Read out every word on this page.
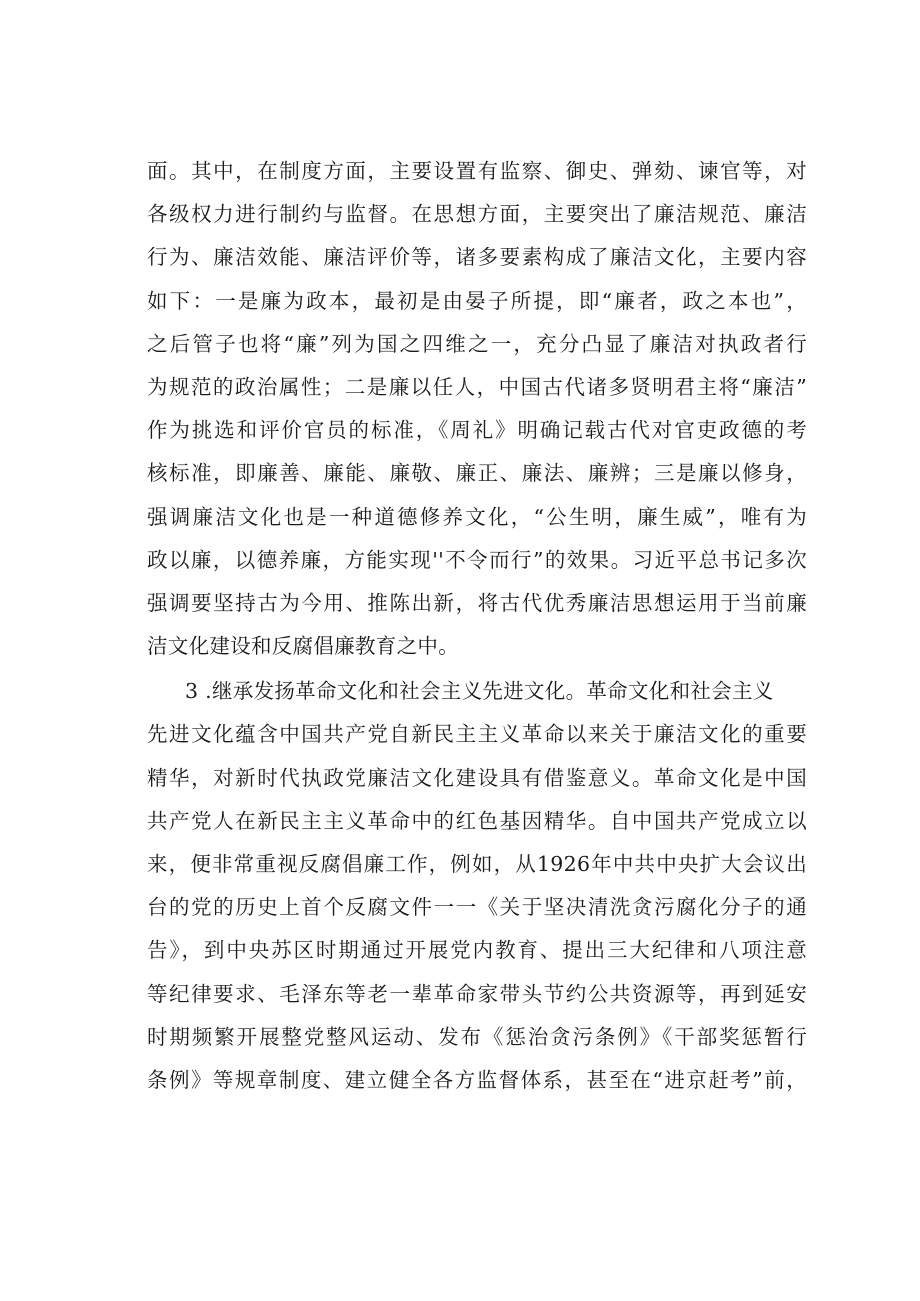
面。其中，在制度方面，主要设置有监察、御史、弹劾、谏官等，对
各级权力进行制约与监督。在思想方面，主要突出了廉洁规范、廉洁
行为、廉洁效能、廉洁评价等，诸多要素构成了廉洁文化，主要内容
如下：一是廉为政本，最初是由晏子所提，即“廉者，政之本也”，
之后管子也将“廉”列为国之四维之一，充分凸显了廉洁对执政者行
为规范的政治属性；二是廉以任人，中国古代诸多贤明君主将“廉洁”
作为挑选和评价官员的标准，《周礼》明确记载古代对官吏政德的考
核标准，即廉善、廉能、廉敬、廉正、廉法、廉辨；三是廉以修身，
强调廉洁文化也是一种道德修养文化，“公生明，廉生威”，唯有为
政以廉，以德养廉，方能实现''不令而行”的效果。习近平总书记多次
强调要坚持古为今用、推陈出新，将古代优秀廉洁思想运用于当前廉
洁文化建设和反腐倡廉教育之中。
3 .继承发扬革命文化和社会主义先进文化。革命文化和社会主义
先进文化蕴含中国共产党自新民主主义革命以来关于廉洁文化的重要
精华，对新时代执政党廉洁文化建设具有借鉴意义。革命文化是中国
共产党人在新民主主义革命中的红色基因精华。自中国共产党成立以
来，便非常重视反腐倡廉工作，例如，从1926年中共中央扩大会议出
台的党的历史上首个反腐文件一一《关于坚决清洗贪污腐化分子的通
告》，到中央苏区时期通过开展党内教育、提出三大纪律和八项注意
等纪律要求、毛泽东等老一辈革命家带头节约公共资源等，再到延安
时期频繁开展整党整风运动、发布《惩治贪污条例》《干部奖惩暂行
条例》等规章制度、建立健全各方监督体系，甚至在“进京赶考”前，
